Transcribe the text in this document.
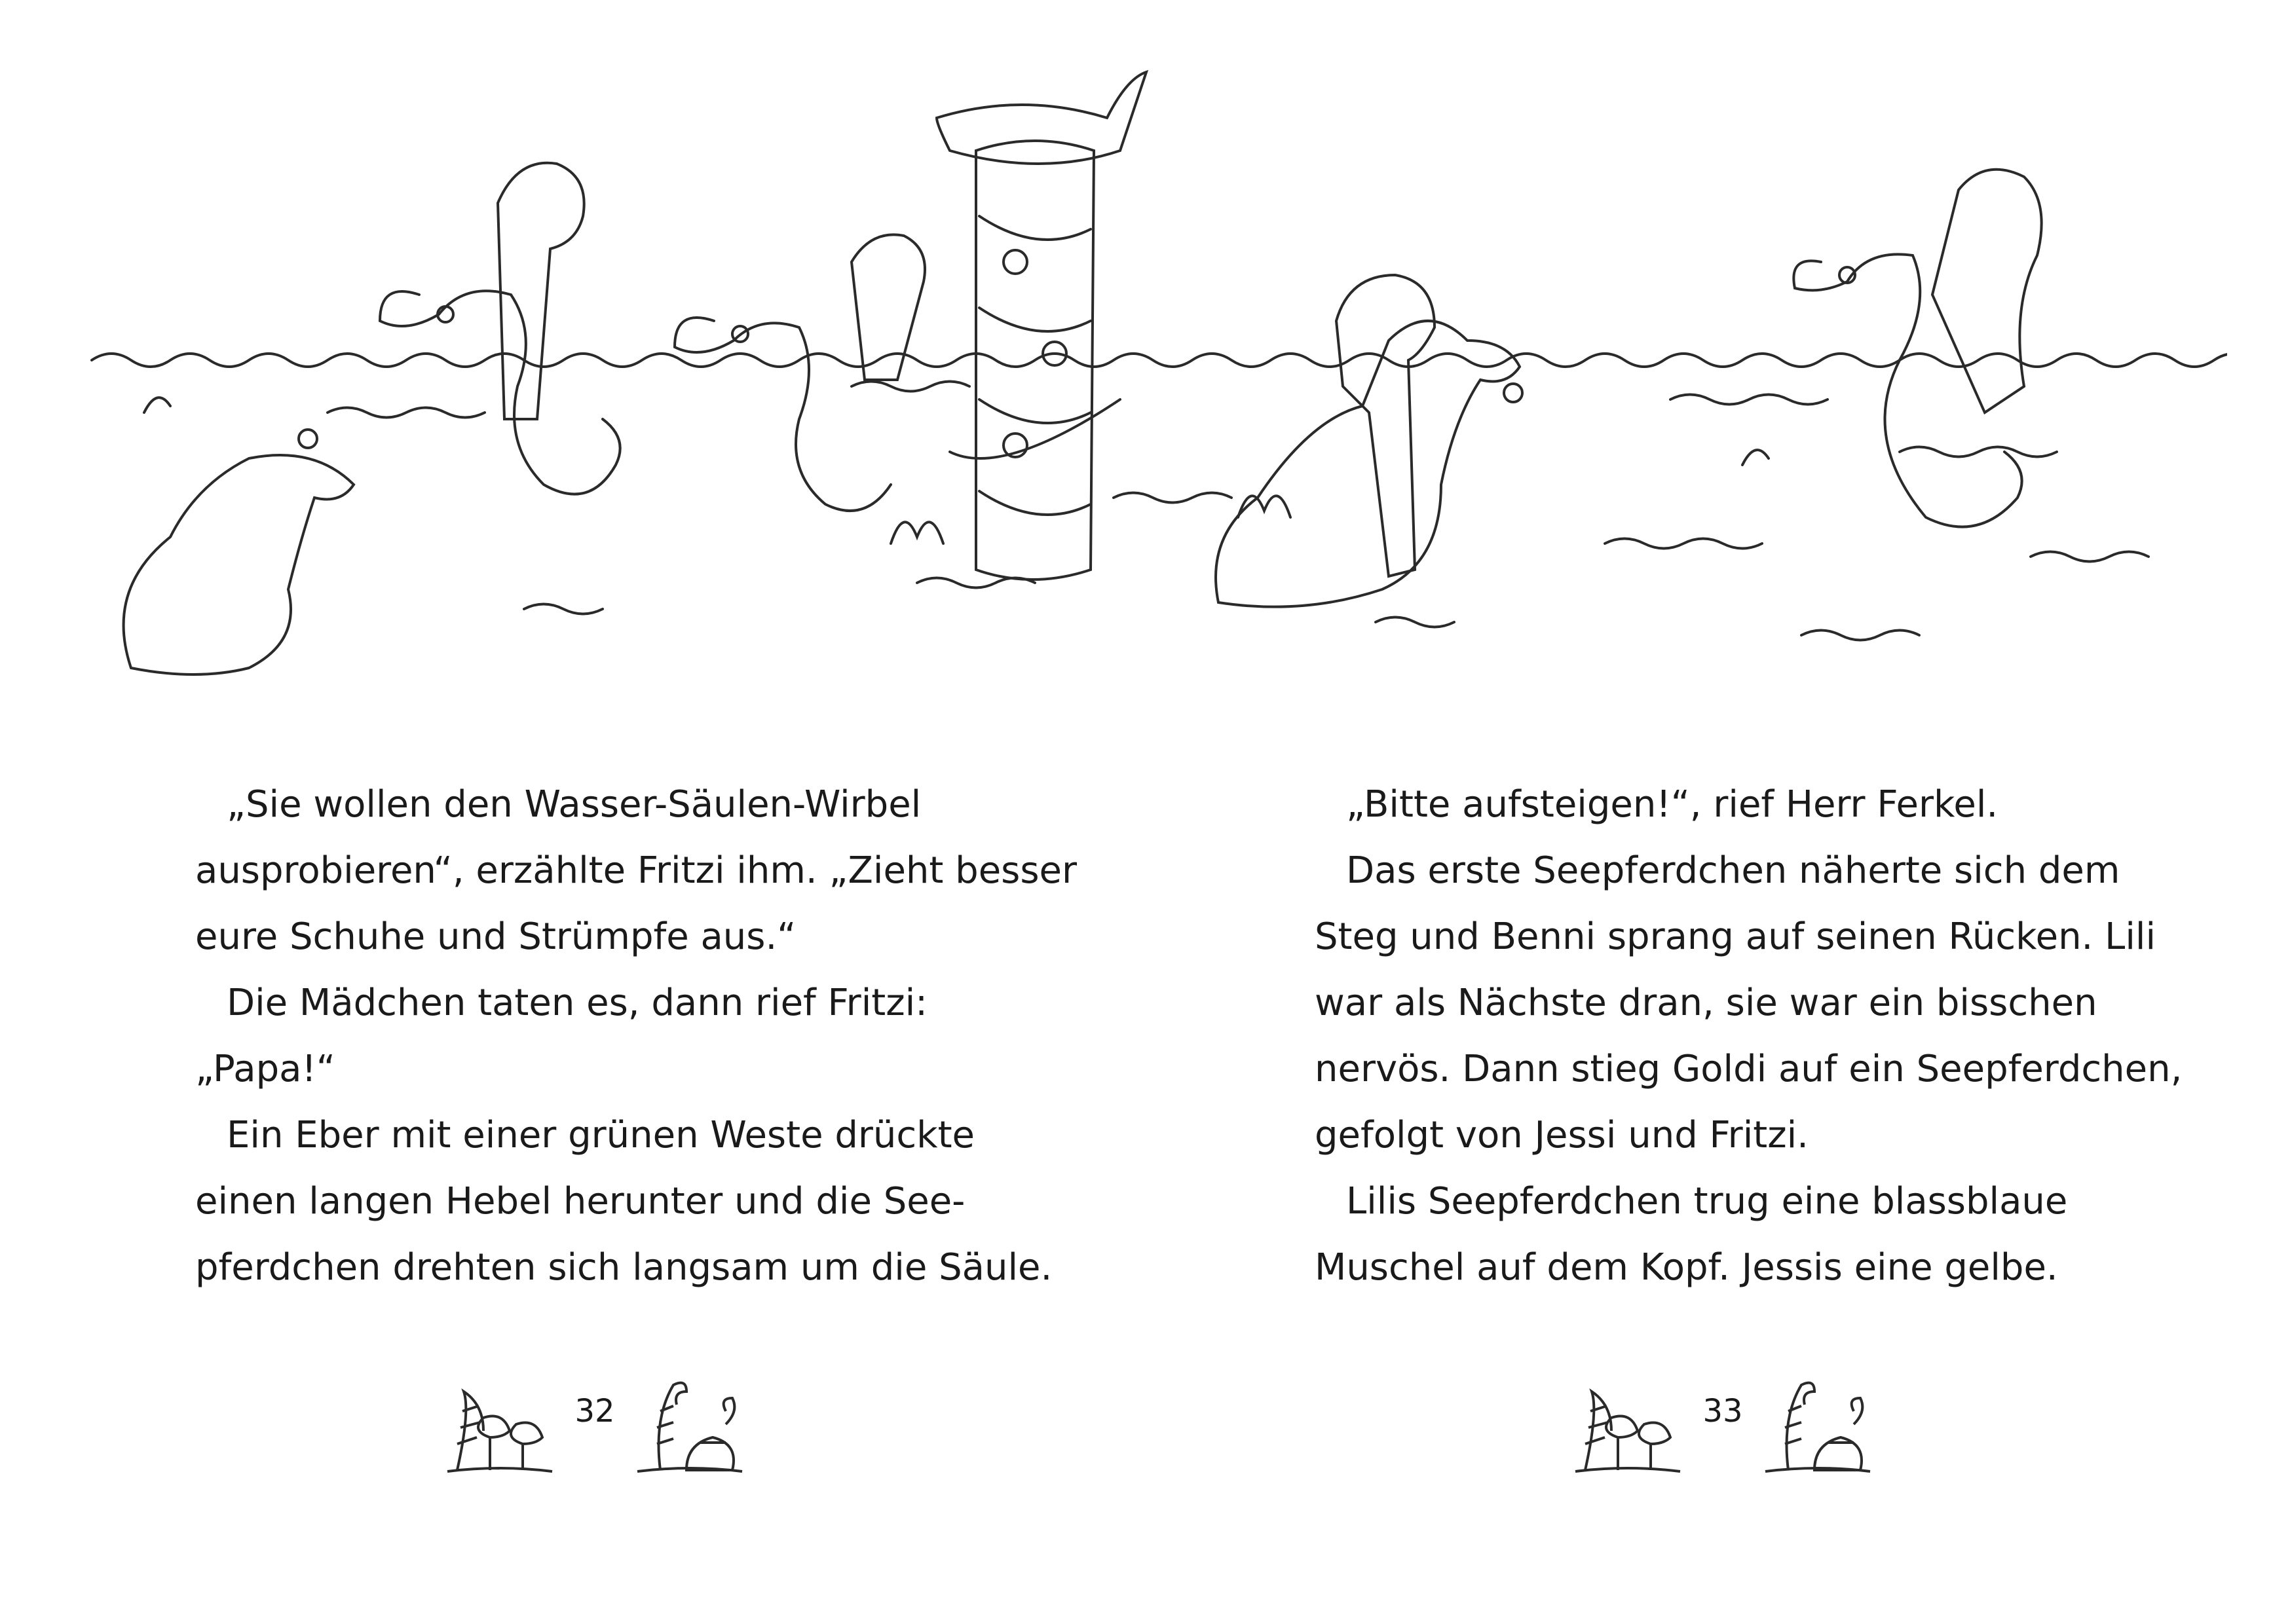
„Sie wollen den Wasser-Säulen-Wirbel

ausprobieren“, erzählte Fritzi ihm. „Zieht besser

eure Schuhe und Strümpfe aus.“

Die Mädchen taten es, dann rief Fritzi:

„Papa!“

Ein Eber mit einer grünen Weste drückte

einen langen Hebel herunter und die See-

pferdchen drehten sich langsam um die Säule.

„Bitte aufsteigen!“, rief Herr Ferkel.

Das erste Seepferdchen näherte sich dem

Steg und Benni sprang auf seinen Rücken. Lili

war als Nächste dran, sie war ein bisschen

nervös. Dann stieg Goldi auf ein Seepferdchen,

gefolgt von Jessi und Fritzi.

Lilis Seepferdchen trug eine blassblaue

Muschel auf dem Kopf. Jessis eine gelbe.

32	33
